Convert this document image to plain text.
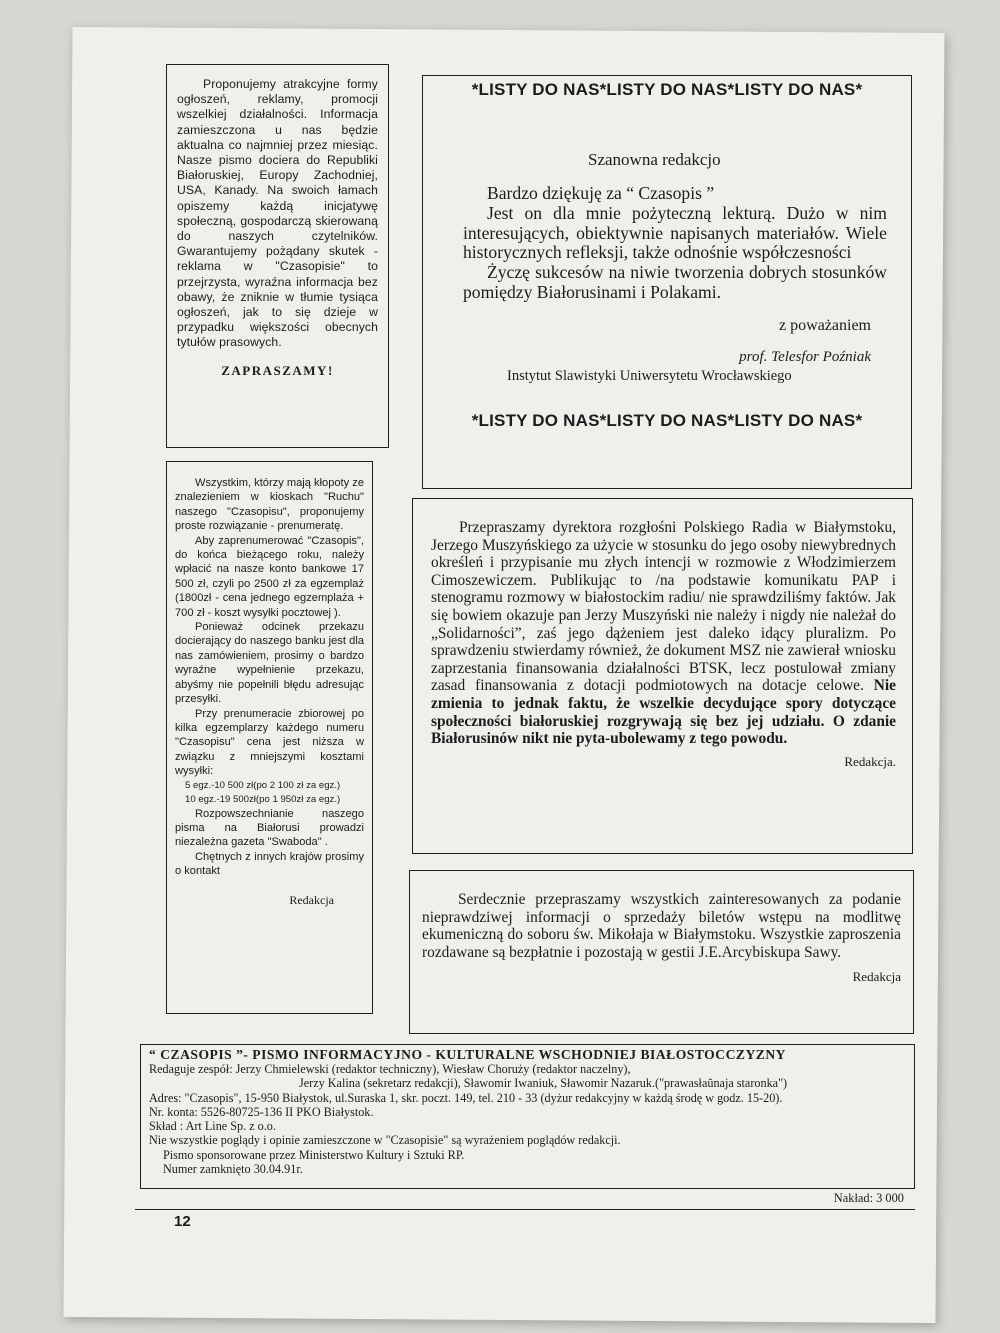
Proponujemy atrakcyjne formy ogłoszeń, reklamy, promocji wszelkiej działalności. Informacja zamieszczona u nas będzie aktualna co najmniej przez miesiąc. Nasze pismo dociera do Republiki Białoruskiej, Europy Zachodniej, USA, Kanady. Na swoich łamach opiszemy każdą inicjatywę społeczną, gospodarczą skierowaną do naszych czytelników. Gwarantujemy pożądany skutek - reklama w "Czasopisie" to przejrzysta, wyraźna informacja bez obawy, że zniknie w tłumie tysiąca ogłoszeń, jak to się dzieje w przypadku większości obecnych tytułów prasowych.
ZAPRASZAMY!

Wszystkim, którzy mają kłopoty ze znalezieniem w kioskach "Ruchu" naszego "Czasopisu", proponujemy proste rozwiązanie - prenumeratę.

Aby zaprenumerować "Czasopis", do końca bieżącego roku, należy wpłacić na nasze konto bankowe 17 500 zł, czyli po 2500 zł za egzemplaż (1800zł - cena jednego egzemplaża + 700 zł - koszt wysyłki pocztowej ).

Ponieważ odcinek przekazu docierający do naszego banku jest dla nas zamówieniem, prosimy o bardzo wyraźne wypełnienie przekazu, abyśmy nie popełnili błędu adresując przesyłki.

Przy prenumeracie zbiorowej po kilka egzemplarzy każdego numeru "Czasopisu" cena jest niższa w związku z mniejszymi kosztami wysyłki:

5 egz.-10 500 zł(po 2 100 zł za egz.)

10 egz.-19 500zł(po 1 950zł za egz.)

Rozpowszechnianie naszego pisma na Białorusi prowadzi niezależna gazeta "Swaboda" .

Chętnych z innych krajów prosimy o kontakt

Redakcja
*LISTY DO NAS*LISTY DO NAS*LISTY DO NAS*
Szanowna redakcjo

Bardzo dziękuję za “ Czasopis ”

Jest on dla mnie pożyteczną lekturą. Dużo w nim interesujących, obiektywnie napisanych materiałów. Wiele historycznych refleksji, także odnośnie współczesności

Życzę sukcesów na niwie tworzenia dobrych stosunków pomiędzy Białorusinami i Polakami.

z poważaniem
prof. Telesfor Poźniak
Instytut Slawistyki Uniwersytetu Wrocławskiego
*LISTY DO NAS*LISTY DO NAS*LISTY DO NAS*
Przepraszamy dyrektora rozgłośni Polskiego Radia w Białymstoku, Jerzego Muszyńskiego za użycie w stosunku do jego osoby niewybrednych określeń i przypisanie mu złych intencji w rozmowie z Włodzimierzem Cimoszewiczem. Publikując to /na podstawie komunikatu PAP i stenogramu rozmowy w białostockim radiu/ nie sprawdziliśmy faktów. Jak się bowiem okazuje pan Jerzy Muszyński nie należy i nigdy nie należał do „Solidarności”, zaś jego dążeniem jest daleko idący pluralizm. Po sprawdzeniu stwierdamy również, że dokument MSZ nie zawierał wniosku zaprzestania finansowania działalności BTSK, lecz postulował zmiany zasad finansowania z dotacji podmiotowych na dotacje celowe. Nie zmienia to jednak faktu, że wszelkie decydujące spory dotyczące społeczności białoruskiej rozgrywają się bez jej udziału. O zdanie Białorusinów nikt nie pyta-ubolewamy z tego powodu.
Redakcja.
Serdecznie przepraszamy wszystkich zainteresowanych za podanie nieprawdziwej informacji o sprzedaży biletów wstępu na modlitwę ekumeniczną do soboru św. Mikołaja w Białymstoku. Wszystkie zaproszenia rozdawane są bezpłatnie i pozostają w gestii J.E.Arcybiskupa Sawy.
Redakcja
“ CZASOPIS ”- PISMO INFORMACYJNO - KULTURALNE WSCHODNIEJ BIAŁOSTOCCZYZNY
Redaguje zespół: Jerzy Chmielewski (redaktor techniczny), Wiesław Choruży (redaktor naczelny),
Jerzy Kalina (sekretarz redakcji), Sławomir Iwaniuk, Sławomir Nazaruk.("prawasłaŭnaja staronka")
Adres: "Czasopis", 15-950 Białystok, ul.Suraska 1, skr. poczt. 149, tel. 210 - 33 (dyżur redakcyjny w każdą środę w godz. 15-20).
Nr. konta: 5526-80725-136 II PKO Białystok.
Skład : Art Line Sp. z o.o.
Nie wszystkie poglądy i opinie zamieszczone w "Czasopisie" są wyrażeniem poglądów redakcji.
Pismo sponsorowane przez Ministerstwo Kultury i Sztuki RP.
Numer zamknięto 30.04.91r.
Nakład: 3 000
12
